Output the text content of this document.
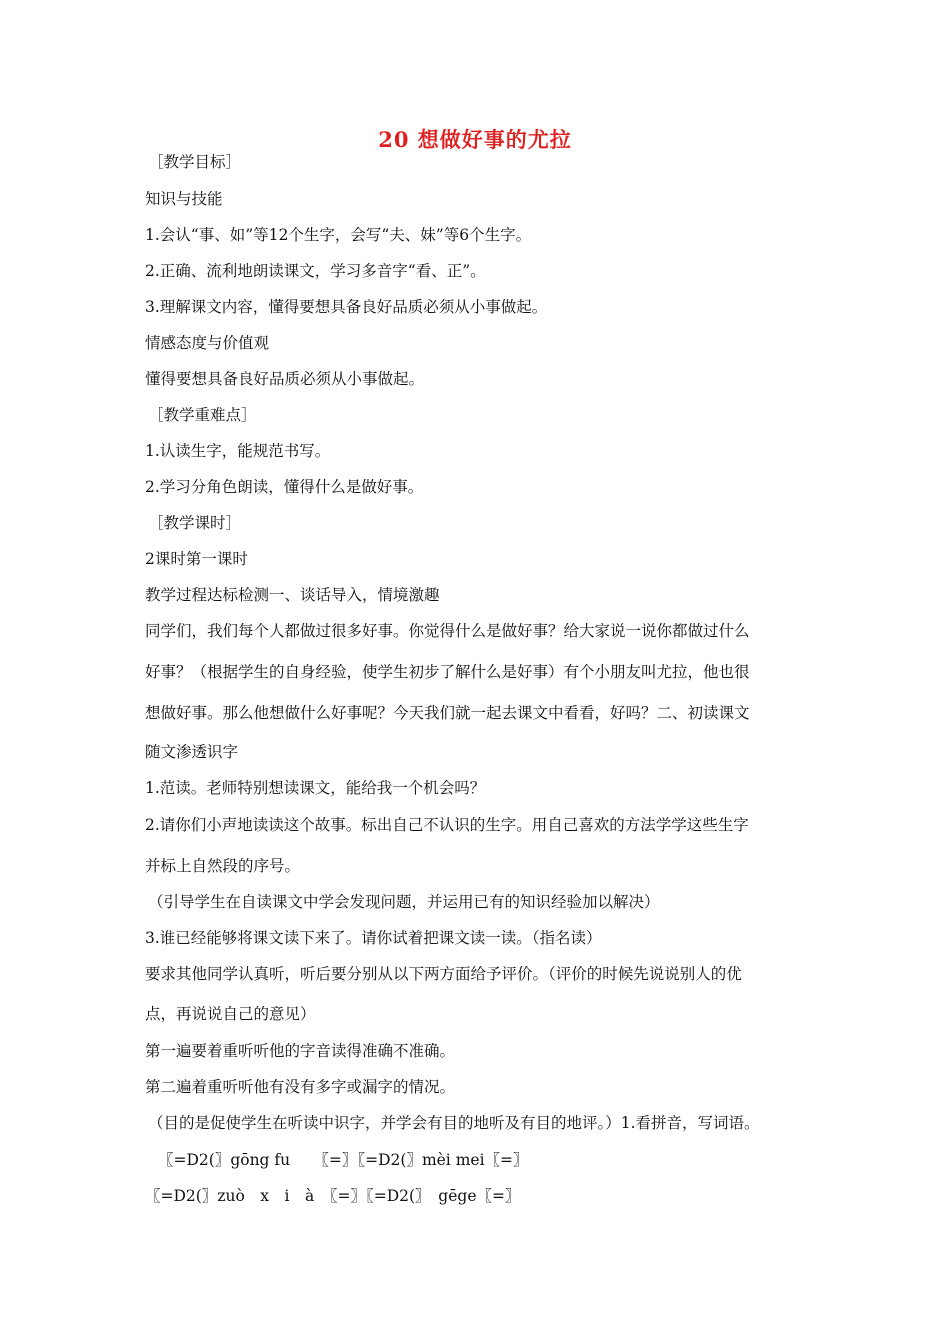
20 想做好事的尤拉
［教学目标］
知识与技能
1.会认“事、如”等12个生字，会写“夫、妹”等6个生字。
2.正确、流利地朗读课文，学习多音字“看、正”。
3.理解课文内容，懂得要想具备良好品质必须从小事做起。
情感态度与价值观
懂得要想具备良好品质必须从小事做起。
［教学重难点］
1.认读生字，能规范书写。
2.学习分角色朗读，懂得什么是做好事。
［教学课时］
2课时第一课时
教学过程达标检测一、谈话导入，情境激趣
同学们，我们每个人都做过很多好事。你觉得什么是做好事？给大家说一说你都做过什么
好事？（根据学生的自身经验，使学生初步了解什么是好事）有个小朋友叫尤拉，他也很
想做好事。那么他想做什么好事呢？今天我们就一起去课文中看看，好吗？二、初读课文
随文渗透识字
1.范读。老师特别想读课文，能给我一个机会吗？
2.请你们小声地读读这个故事。标出自己不认识的生字。用自己喜欢的方法学学这些生字
并标上自然段的序号。
（引导学生在自读课文中学会发现问题，并运用已有的知识经验加以解决）
3.谁已经能够将课文读下来了。请你试着把课文读一读。（指名读）
要求其他同学认真听，听后要分别从以下两方面给予评价。（评价的时候先说说别人的优
点，再说说自己的意见）
第一遍要着重听听他的字音读得准确不准确。
第二遍着重听听他有没有多字或漏字的情况。
（目的是促使学生在听读中识字，并学会有目的地听及有目的地评。）1.看拼音，写词语。
〖=D2(〗gōng fu　　〖=〗〖=D2(〗mèi mei〖=〗
〖=D2(〗zuò　x　i　à　〖=〗〖=D2(〗　gēge〖=〗
